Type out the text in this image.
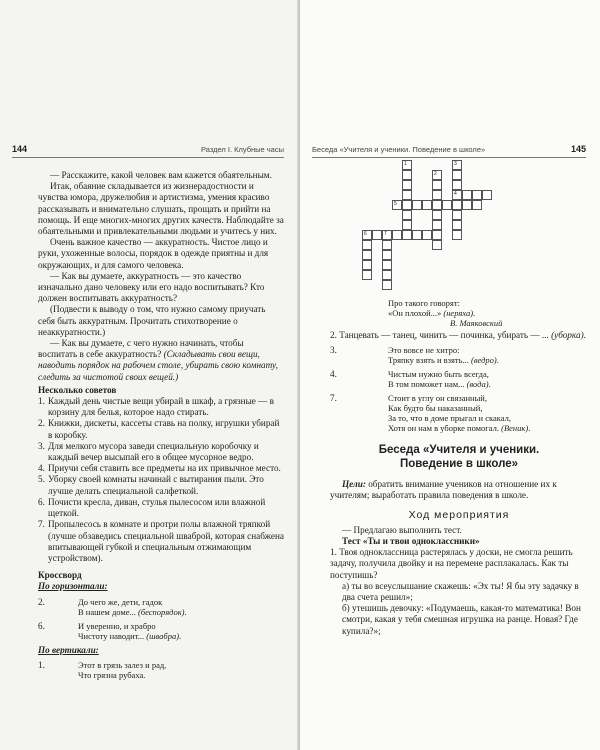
144	Раздел I. Клубные часы

— Расскажите, какой человек вам кажется обаятельным.

Итак, обаяние складывается из жизнерадостности и чувства юмора, дружелюбия и артистизма, умения красиво рассказывать и внимательно слушать, прощать и прийти на помощь. И еще многих-многих других качеств. Наблюдайте за обаятельными и привлекательными людьми и учитесь у них.

Очень важное качество — аккуратность. Чистое лицо и руки, ухоженные волосы, порядок в одежде приятны и для окружающих, и для самого человека.

— Как вы думаете, аккуратность — это качество изначально дано человеку или его надо воспитывать? Кто должен воспитывать аккуратность?

(Подвести к выводу о том, что нужно самому приучать себя быть аккуратным. Прочитать стихотворение о неаккуратности.)

— Как вы думаете, с чего нужно начинать, чтобы воспитать в себе аккуратность? (Складывать свои вещи, наводить порядок на рабочем столе, убирать свою комнату, следить за чистотой своих вещей.)

Несколько советов

1. Каждый день чистые вещи убирай в шкаф, а грязные — в корзину для белья, которое надо стирать.
2. Книжки, дискеты, кассеты ставь на полку, игрушки убирай в коробку.
3. Для мелкого мусора заведи специальную коробочку и каждый вечер высыпай его в общее мусорное ведро.
4. Приучи себя ставить все предметы на их привычное место.
5. Уборку своей комнаты начинай с вытирания пыли. Это лучше делать специальной салфеткой.
6. Почисти кресла, диван, стулья пылесосом или влажной щеткой.
7. Пропылесось в комнате и протри полы влажной тряпкой (лучше обзаведись специальной шваброй, которая снабжена впитывающей губкой и специальным отжимающим устройством).

Кроссворд

По горизонтали:

2.	До чего же, дети, гадок
В нашем доме... (беспорядок).
6.	И уверенно, и храбро
Чистоту наводит... (швабра).

По вертикали:

1.	Этот в грязь залез и рад,
Что грязна рубаха.
Беседа «Учителя и ученики. Поведение в школе»	145
1
2
3
4
5
6	7
Про такого говорят:
«Он плохой...» (неряха).
В. Маяковский

2. Танцевать — танец, чинить — починка, убирать — ... (уборка).

3.	Это вовсе не хитро:
Тряпку взять и взять... (ведро).
4.	Чистым нужно быть всегда,
В том поможет нам... (вода).
7.	Стоит в углу он связанный,
Как будто бы наказанный,
За то, что в доме прыгал и скакал,
Хотя он нам в уборке помогал. (Веник).
Беседа «Учителя и ученики.
Поведение в школе»

Цели: обратить внимание учеников на отношение их к учителям; выработать правила поведения в школе.

Ход мероприятия

— Предлагаю выполнить тест.

Тест «Ты и твои одноклассники»

1. Твоя одноклассница растерялась у доски, не смогла решить задачу, получила двойку и на перемене расплакалась. Как ты поступишь?

а) ты во всеуслышание скажешь: «Эх ты! Я бы эту задачку в два счета решил»;

б) утешишь девочку: «Подумаешь, какая-то математика! Вон смотри, какая у тебя смешная игрушка на ранце. Новая? Где купила?»;
